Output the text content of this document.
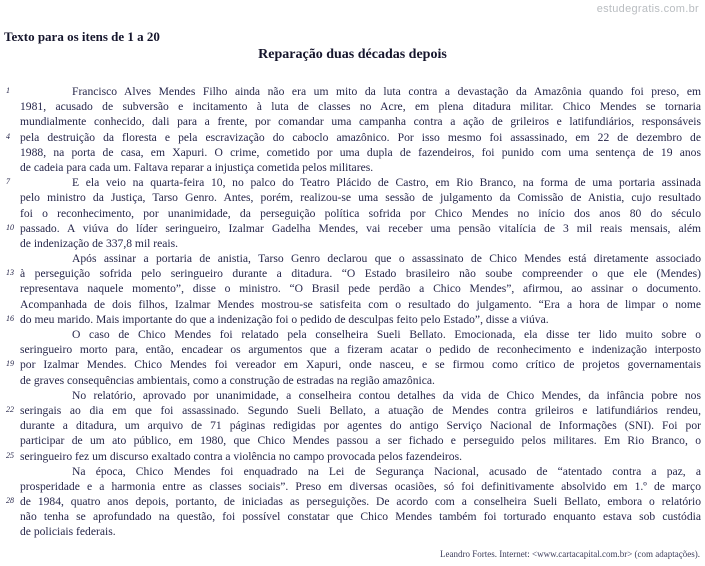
estudegratis.com.br
Texto para os itens de 1 a 20
Reparação duas décadas depois
1	Francisco Alves Mendes Filho ainda não era um mito da luta contra a devastação da Amazônia quando foi preso, em
1981, acusado de subversão e incitamento à luta de classes no Acre, em plena ditadura militar. Chico Mendes se tornaria
mundialmente conhecido, dali para a frente, por comandar uma campanha contra a ação de grileiros e latifundiários, responsáveis
4 pela destruição da floresta e pela escravização do caboclo amazônico. Por isso mesmo foi assassinado, em 22 de dezembro de
1988, na porta de casa, em Xapuri. O crime, cometido por uma dupla de fazendeiros, foi punido com uma sentença de 19 anos
de cadeia para cada um. Faltava reparar a injustiça cometida pelos militares.
7	E ela veio na quarta-feira 10, no palco do Teatro Plácido de Castro, em Rio Branco, na forma de uma portaria assinada
pelo ministro da Justiça, Tarso Genro. Antes, porém, realizou-se uma sessão de julgamento da Comissão de Anistia, cujo resultado
foi o reconhecimento, por unanimidade, da perseguição política sofrida por Chico Mendes no início dos anos 80 do século
10 passado. A viúva do líder seringueiro, Izalmar Gadelha Mendes, vai receber uma pensão vitalícia de 3 mil reais mensais, além
de indenização de 337,8 mil reais.
Após assinar a portaria de anistia, Tarso Genro declarou que o assassinato de Chico Mendes está diretamente associado
13 à perseguição sofrida pelo seringueiro durante a ditadura. “O Estado brasileiro não soube compreender o que ele (Mendes)
representava naquele momento”, disse o ministro. “O Brasil pede perdão a Chico Mendes”, afirmou, ao assinar o documento.
Acompanhada de dois filhos, Izalmar Mendes mostrou-se satisfeita com o resultado do julgamento. “Era a hora de limpar o nome
16 do meu marido. Mais importante do que a indenização foi o pedido de desculpas feito pelo Estado”, disse a viúva.
O caso de Chico Mendes foi relatado pela conselheira Sueli Bellato. Emocionada, ela disse ter lido muito sobre o
seringueiro morto para, então, encadear os argumentos que a fizeram acatar o pedido de reconhecimento e indenização interposto
19 por Izalmar Mendes. Chico Mendes foi vereador em Xapuri, onde nasceu, e se firmou como crítico de projetos governamentais
de graves consequências ambientais, como a construção de estradas na região amazônica.
No relatório, aprovado por unanimidade, a conselheira contou detalhes da vida de Chico Mendes, da infância pobre nos
22 seringais ao dia em que foi assassinado. Segundo Sueli Bellato, a atuação de Mendes contra grileiros e latifundiários rendeu,
durante a ditadura, um arquivo de 71 páginas redigidas por agentes do antigo Serviço Nacional de Informações (SNI). Foi por
participar de um ato público, em 1980, que Chico Mendes passou a ser fichado e perseguido pelos militares. Em Rio Branco, o
25 seringueiro fez um discurso exaltado contra a violência no campo provocada pelos fazendeiros.
Na época, Chico Mendes foi enquadrado na Lei de Segurança Nacional, acusado de “atentado contra a paz, a
prosperidade e a harmonia entre as classes sociais”. Preso em diversas ocasiões, só foi definitivamente absolvido em 1.º de março
28 de 1984, quatro anos depois, portanto, de iniciadas as perseguições. De acordo com a conselheira Sueli Bellato, embora o relatório
não tenha se aprofundado na questão, foi possível constatar que Chico Mendes também foi torturado enquanto estava sob custódia
de policiais federais.
Leandro Fortes. Internet: <www.cartacapital.com.br> (com adaptações).
